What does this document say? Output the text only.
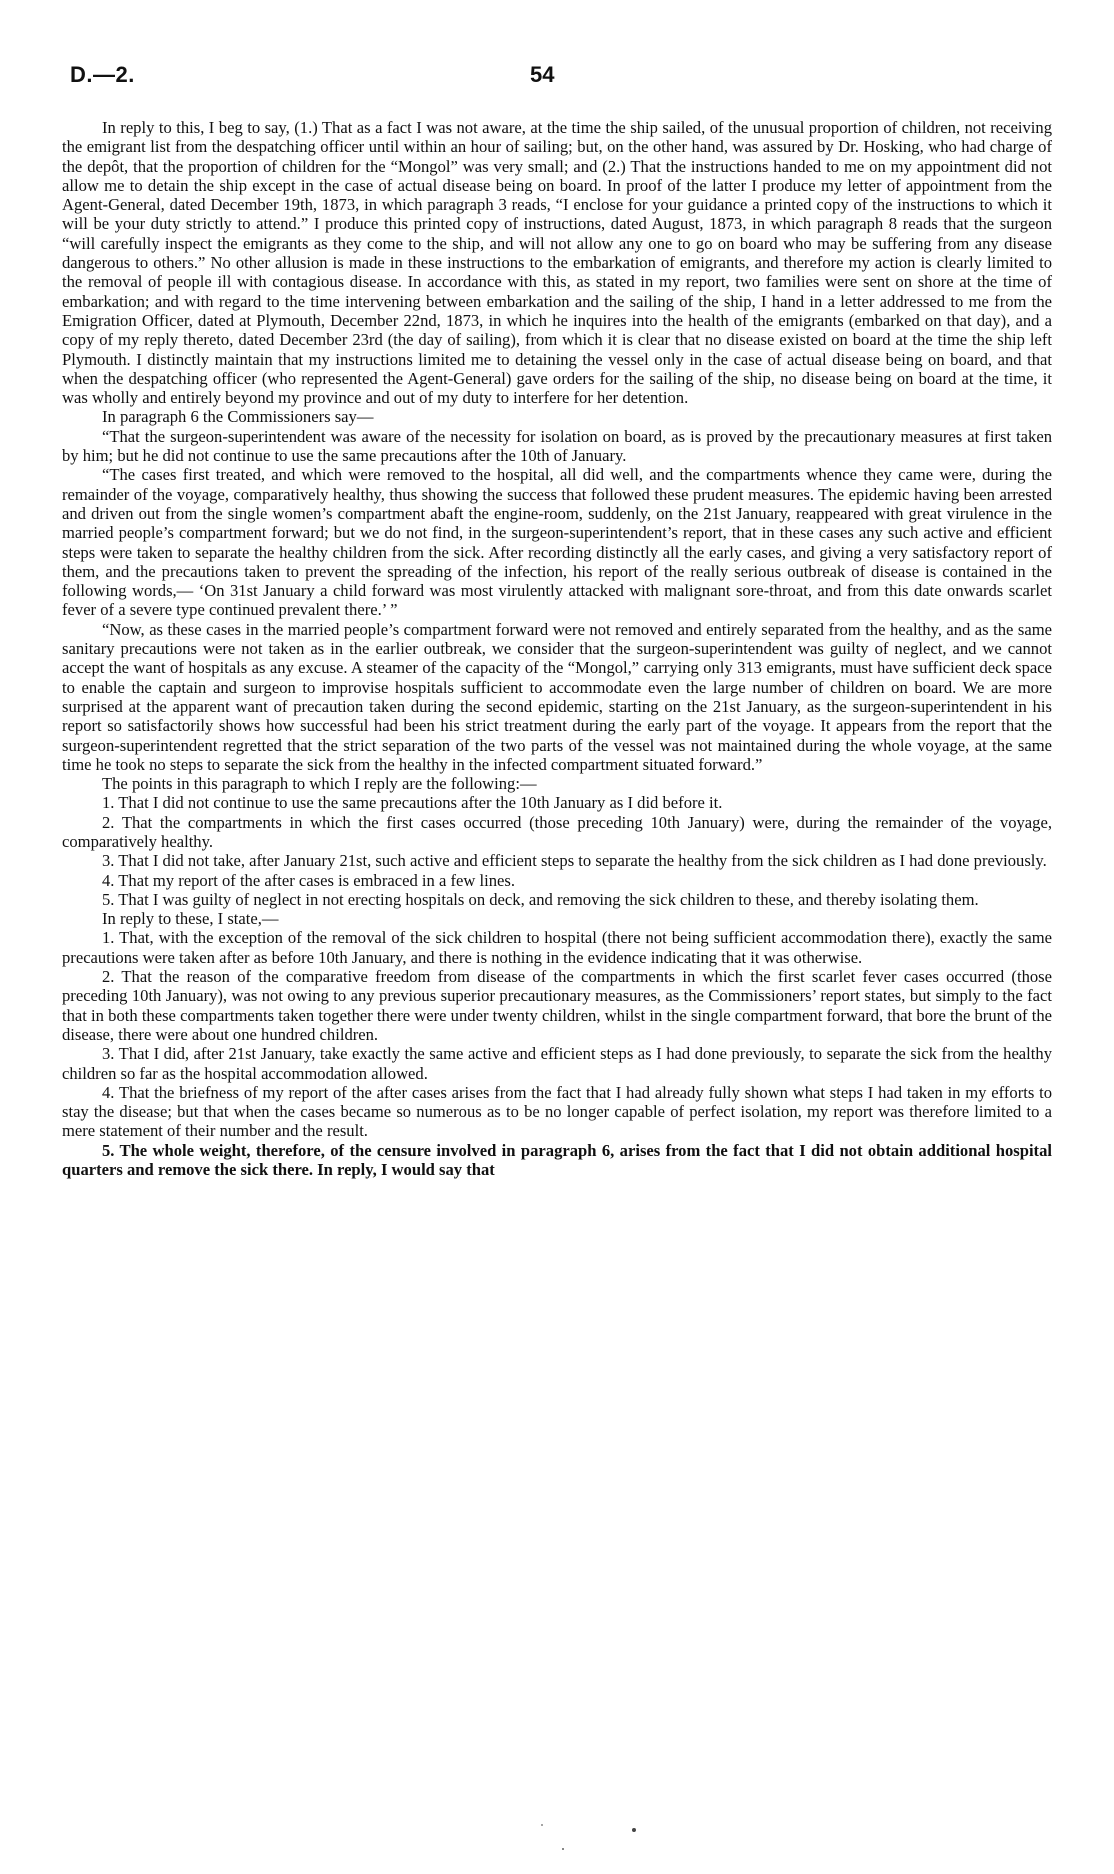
D.—2.	54

In reply to this, I beg to say, (1.) That as a fact I was not aware, at the time the ship sailed, of the unusual proportion of children, not receiving the emigrant list from the despatching officer until within an hour of sailing; but, on the other hand, was assured by Dr. Hosking, who had charge of the depôt, that the proportion of children for the “Mongol” was very small; and (2.) That the instructions handed to me on my appointment did not allow me to detain the ship except in the case of actual disease being on board. In proof of the latter I produce my letter of appointment from the Agent-General, dated December 19th, 1873, in which paragraph 3 reads, “I enclose for your guidance a printed copy of the instructions to which it will be your duty strictly to attend.” I produce this printed copy of instructions, dated August, 1873, in which paragraph 8 reads that the surgeon “will carefully inspect the emigrants as they come to the ship, and will not allow any one to go on board who may be suffering from any disease dangerous to others.” No other allusion is made in these instructions to the embarkation of emigrants, and therefore my action is clearly limited to the removal of people ill with contagious disease. In accordance with this, as stated in my report, two families were sent on shore at the time of embarkation; and with regard to the time intervening between embarkation and the sailing of the ship, I hand in a letter addressed to me from the Emigration Officer, dated at Plymouth, December 22nd, 1873, in which he inquires into the health of the emigrants (embarked on that day), and a copy of my reply thereto, dated December 23rd (the day of sailing), from which it is clear that no disease existed on board at the time the ship left Plymouth. I distinctly maintain that my instructions limited me to detaining the vessel only in the case of actual disease being on board, and that when the despatching officer (who represented the Agent-General) gave orders for the sailing of the ship, no disease being on board at the time, it was wholly and entirely beyond my province and out of my duty to interfere for her detention.

In paragraph 6 the Commissioners say—

“That the surgeon-superintendent was aware of the necessity for isolation on board, as is proved by the precautionary measures at first taken by him; but he did not continue to use the same precautions after the 10th of January.

“The cases first treated, and which were removed to the hospital, all did well, and the compartments whence they came were, during the remainder of the voyage, comparatively healthy, thus showing the success that followed these prudent measures. The epidemic having been arrested and driven out from the single women’s compartment abaft the engine-room, suddenly, on the 21st January, reappeared with great virulence in the married people’s compartment forward; but we do not find, in the surgeon-superintendent’s report, that in these cases any such active and efficient steps were taken to separate the healthy children from the sick. After recording distinctly all the early cases, and giving a very satisfactory report of them, and the precautions taken to prevent the spreading of the infection, his report of the really serious outbreak of disease is contained in the following words,— ‘On 31st January a child forward was most virulently attacked with malignant sore-throat, and from this date onwards scarlet fever of a severe type continued prevalent there.’ ”

“Now, as these cases in the married people’s compartment forward were not removed and entirely separated from the healthy, and as the same sanitary precautions were not taken as in the earlier outbreak, we consider that the surgeon-superintendent was guilty of neglect, and we cannot accept the want of hospitals as any excuse. A steamer of the capacity of the “Mongol,” carrying only 313 emigrants, must have sufficient deck space to enable the captain and surgeon to improvise hospitals sufficient to accommodate even the large number of children on board. We are more surprised at the apparent want of precaution taken during the second epidemic, starting on the 21st January, as the surgeon-superintendent in his report so satisfactorily shows how successful had been his strict treatment during the early part of the voyage. It appears from the report that the surgeon-superintendent regretted that the strict separation of the two parts of the vessel was not maintained during the whole voyage, at the same time he took no steps to separate the sick from the healthy in the infected compartment situated forward.”

The points in this paragraph to which I reply are the following:—

1. That I did not continue to use the same precautions after the 10th January as I did before it.

2. That the compartments in which the first cases occurred (those preceding 10th January) were, during the remainder of the voyage, comparatively healthy.

3. That I did not take, after January 21st, such active and efficient steps to separate the healthy from the sick children as I had done previously.

4. That my report of the after cases is embraced in a few lines.

5. That I was guilty of neglect in not erecting hospitals on deck, and removing the sick children to these, and thereby isolating them.

In reply to these, I state,—

1. That, with the exception of the removal of the sick children to hospital (there not being sufficient accommodation there), exactly the same precautions were taken after as before 10th January, and there is nothing in the evidence indicating that it was otherwise.

2. That the reason of the comparative freedom from disease of the compartments in which the first scarlet fever cases occurred (those preceding 10th January), was not owing to any previous superior precautionary measures, as the Commissioners’ report states, but simply to the fact that in both these compartments taken together there were under twenty children, whilst in the single compartment forward, that bore the brunt of the disease, there were about one hundred children.

3. That I did, after 21st January, take exactly the same active and efficient steps as I had done previously, to separate the sick from the healthy children so far as the hospital accommodation allowed.

4. That the briefness of my report of the after cases arises from the fact that I had already fully shown what steps I had taken in my efforts to stay the disease; but that when the cases became so numerous as to be no longer capable of perfect isolation, my report was therefore limited to a mere statement of their number and the result.

5. The whole weight, therefore, of the censure involved in paragraph 6, arises from the fact that I did not obtain additional hospital quarters and remove the sick there. In reply, I would say that
